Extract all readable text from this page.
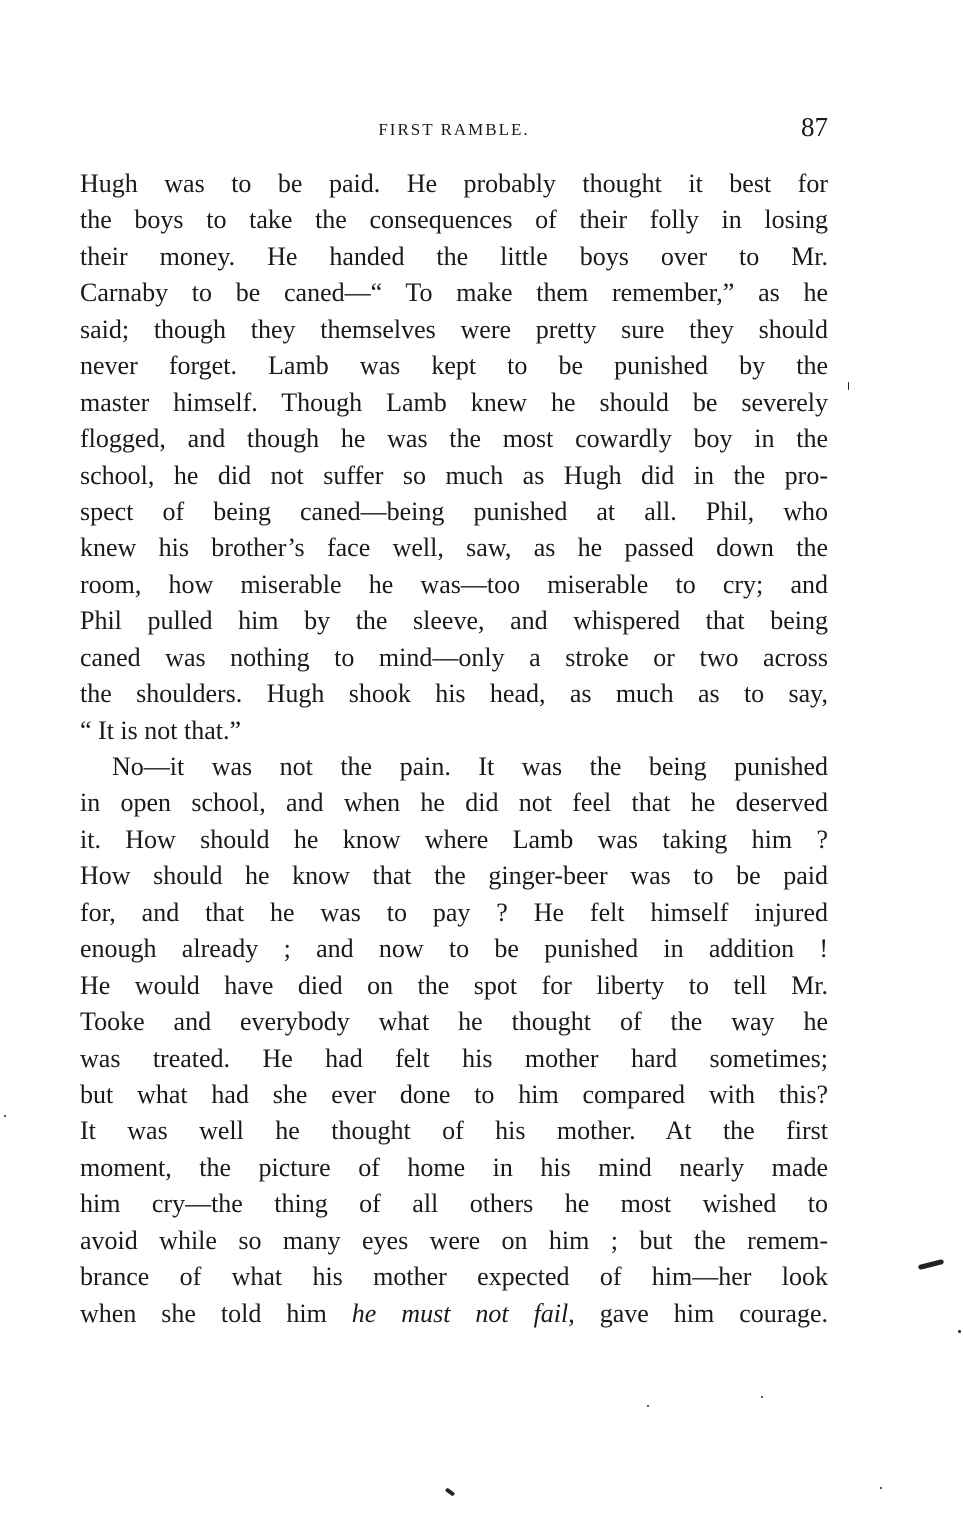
FIRST RAMBLE.	87
Hugh was to be paid. He probably thought it best for
the boys to take the consequences of their folly in losing
their money. He handed the little boys over to Mr.
Carnaby to be caned—“ To make them remember,” as he
said; though they themselves were pretty sure they should
never forget. Lamb was kept to be punished by the
master himself. Though Lamb knew he should be severely
flogged, and though he was the most cowardly boy in the
school, he did not suffer so much as Hugh did in the pro-
spect of being caned—being punished at all. Phil, who
knew his brother’s face well, saw, as he passed down the
room, how miserable he was—too miserable to cry; and
Phil pulled him by the sleeve, and whispered that being
caned was nothing to mind—only a stroke or two across
the shoulders. Hugh shook his head, as much as to say,
“ It is not that.”
No—it was not the pain. It was the being punished
in open school, and when he did not feel that he deserved
it. How should he know where Lamb was taking him ?
How should he know that the ginger-beer was to be paid
for, and that he was to pay ? He felt himself injured
enough already ; and now to be punished in addition !
He would have died on the spot for liberty to tell Mr.
Tooke and everybody what he thought of the way he
was treated. He had felt his mother hard sometimes;
but what had she ever done to him compared with this?
It was well he thought of his mother. At the first
moment, the picture of home in his mind nearly made
him cry—the thing of all others he most wished to
avoid while so many eyes were on him ; but the remem-
brance of what his mother expected of him—her look
when she told him he must not fail, gave him courage.
